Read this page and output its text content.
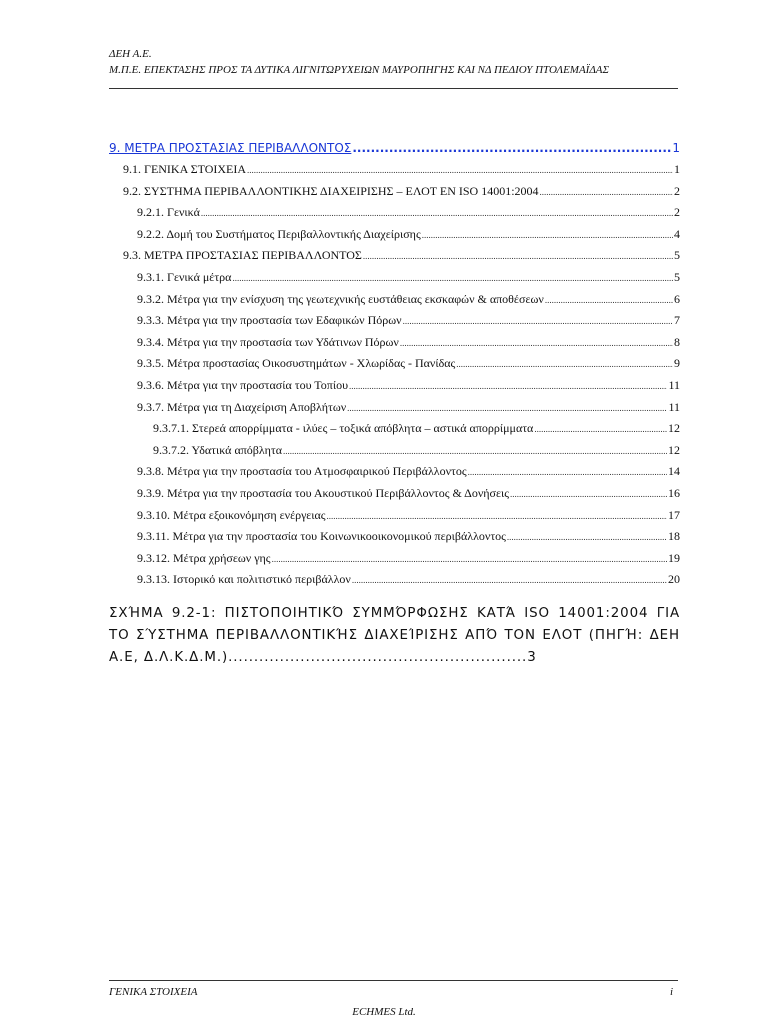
ΔΕΗ Α.Ε.
Μ.Π.Ε. ΕΠΕΚΤΑΣΗΣ ΠΡΟΣ ΤΑ ΔΥΤΙΚΑ ΛΙΓΝΙΤΩΡΥΧΕΙΩΝ ΜΑΥΡΟΠΗΓΗΣ ΚΑΙ ΝΔ ΠΕΔΙΟΥ ΠΤΟΛΕΜΑΪΔΑΣ
9. ΜΕΤΡΑ ΠΡΟΣΤΑΣΙΑΣ ΠΕΡΙΒΑΛΛΟΝΤΟΣ .....	1
9.1. ΓΕΝΙΚΑ ΣΤΟΙΧΕΙΑ .....	1
9.2. ΣΥΣΤΗΜΑ ΠΕΡΙΒΑΛΛΟΝΤΙΚΗΣ ΔΙΑΧΕΙΡΙΣΗΣ – ΕΛΟΤ ΕΝ ISO 14001:2004 .....	2
9.2.1. Γενικά .....	2
9.2.2. Δομή του Συστήματος Περιβαλλοντικής Διαχείρισης .....	4
9.3. ΜΕΤΡΑ ΠΡΟΣΤΑΣΙΑΣ ΠΕΡΙΒΑΛΛΟΝΤΟΣ .....	5
9.3.1. Γενικά μέτρα .....	5
9.3.2. Μέτρα για την ενίσχυση της γεωτεχνικής ευστάθειας εκσκαφών & αποθέσεων .....	6
9.3.3. Μέτρα για την προστασία των Εδαφικών Πόρων .....	7
9.3.4. Μέτρα για την προστασία των Υδάτινων Πόρων .....	8
9.3.5. Μέτρα προστασίας Οικοσυστημάτων - Χλωρίδας - Πανίδας .....	9
9.3.6. Μέτρα για την προστασία του Τοπίου .....	11
9.3.7. Μέτρα για τη Διαχείριση Αποβλήτων .....	11
9.3.7.1. Στερεά απορρίμματα - ιλύες – τοξικά απόβλητα – αστικά απορρίμματα .....	12
9.3.7.2. Υδατικά απόβλητα .....	12
9.3.8. Μέτρα για την προστασία του Ατμοσφαιρικού Περιβάλλοντος .....	14
9.3.9. Μέτρα για την προστασία του Ακουστικού Περιβάλλοντος & Δονήσεις .....	16
9.3.10. Μέτρα εξοικονόμηση ενέργειας .....	17
9.3.11. Μέτρα για την προστασία του Κοινωνικοοικονομικού περιβάλλοντος .....	18
9.3.12. Μέτρα χρήσεων γης .....	19
9.3.13. Ιστορικό και πολιτιστικό περιβάλλον .....	20
ΣΧΉΜΑ 9.2-1: ΠΙΣΤΟΠΟΙΗΤΙΚΌ ΣΥΜΜΌΡΦΩΣΗΣ ΚΑΤΆ ISO 14001:2004 ΓΙΑ ΤΟ ΣΎΣΤΗΜΑ ΠΕΡΙΒΑΛΛΟΝΤΙΚΉΣ ΔΙΑΧΕΊΡΙΣΗΣ ΑΠΌ ΤΟΝ ΕΛΟΤ (ΠΗΓΉ: ΔΕΗ Α.Ε, Δ.Λ.Κ.Δ.Μ.)..........................................................3
ΓΕΝΙΚΑ ΣΤΟΙΧΕΙΑ	i
ECHMES Ltd.
